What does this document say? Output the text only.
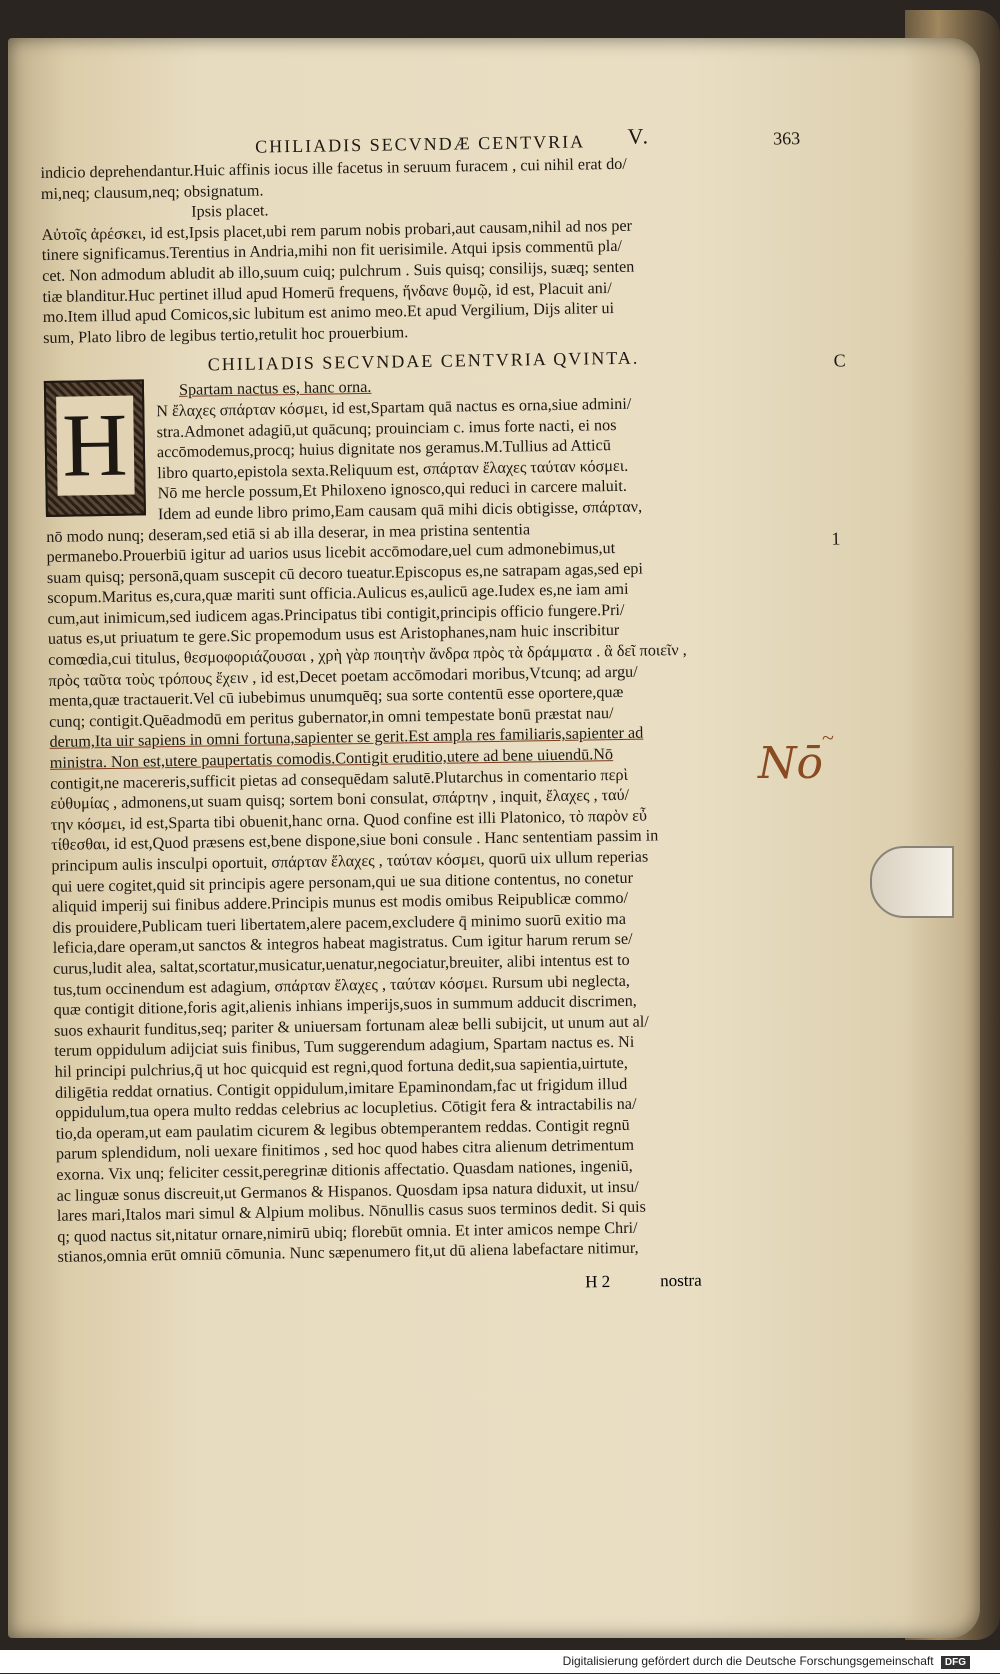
CHILIADIS SECVNDÆ CENTVRIA V.	363
indicio deprehendantur.Huic affinis iocus ille facetus in seruum furacem , cui nihil erat do/
mi,neq; clausum,neq; obsignatum.
Ipsis placet.
Αὐτοῖς ἀρέσκει, id est,Ipsis placet,ubi rem parum nobis probari,aut causam,nihil ad nos per
tinere significamus.Terentius in Andria,mihi non fit uerisimile. Atqui ipsis commentū pla/
cet. Non admodum abludit ab illo,suum cuiq; pulchrum . Suis quisq; consilijs, suæq; senten
tiæ blanditur.Huc pertinet illud apud Homerū frequens, ἥνδανε θυμῷ, id est, Placuit ani/
mo.Item illud apud Comicos,sic lubitum est animo meo.Et apud Vergilium, Dijs aliter ui
sum, Plato libro de legibus tertio,retulit hoc prouerbium.
CHILIADIS SECVNDAE CENTVRIA QVINTA.
Spartam nactus es, hanc orna.
H	N ἔλαχες σπάρταν κόσμει, id est,Spartam quā nactus es orna,siue admini/
stra.Admonet adagiū,ut quācunq; prouinciam c. imus forte nacti, ei nos
accōmodemus,procq; huius dignitate nos geramus.M.Tullius ad Atticū
libro quarto,epistola sexta.Reliquum est, σπάρταν ἔλαχες ταύταν κόσμει.
Nō me hercle possum,Et Philoxeno ignosco,qui reduci in carcere maluit.
Idem ad eunde libro primo,Eam causam quā mihi dicis obtigisse, σπάρταν,
nō modo nunq; deseram,sed etiā si ab illa deserar, in mea pristina sententia
permanebo.Prouerbiū igitur ad uarios usus licebit accōmodare,uel cum admonebimus,ut
suam quisq; personā,quam suscepit cū decoro tueatur.Episcopus es,ne satrapam agas,sed epi
scopum.Maritus es,cura,quæ mariti sunt officia.Aulicus es,aulicū age.Iudex es,ne iam ami
cum,aut inimicum,sed iudicem agas.Principatus tibi contigit,principis officio fungere.Pri/
uatus es,ut priuatum te gere.Sic propemodum usus est Aristophanes,nam huic inscribitur
comœdia,cui titulus, θεσμοφοριάζουσαι , χρὴ γὰρ ποιητὴν ἄνδρα πρὸς τὰ δράμματα . ἃ δεῖ ποιεῖν ,
πρὸς ταῦτα τοὺς τρόπους ἔχειν , id est,Decet poetam accōmodari moribus,Vtcunq; ad argu/
menta,quæ tractauerit.Vel cū iubebimus unumquēq; sua sorte contentū esse oportere,quæ
cunq; contigit.Quēadmodū em peritus gubernator,in omni tempestate bonū præstat nau/
derum,Ita uir sapiens in omni fortuna,sapienter se gerit.Est ampla res familiaris,sapienter ad
ministra. Non est,utere paupertatis comodis.Contigit eruditio,utere ad bene uiuendū.Nō
contigit,ne macereris,sufficit pietas ad consequēdam salutē.Plutarchus in comentario περὶ
εὐθυμίας , admonens,ut suam quisq; sortem boni consulat, σπάρτην , inquit, ἔλαχες , ταύ/
την κόσμει, id est,Sparta tibi obuenit,hanc orna. Quod confine est illi Platonico, τὸ παρὸν εὖ
τίθεσθαι, id est,Quod præsens est,bene dispone,siue boni consule . Hanc sententiam passim in
principum aulis insculpi oportuit, σπάρταν ἔλαχες , ταύταν κόσμει, quorū uix ullum reperias
qui uere cogitet,quid sit principis agere personam,qui ue sua ditione contentus, no conetur
aliquid imperij sui finibus addere.Principis munus est modis omibus Reipublicæ commo/
dis prouidere,Publicam tueri libertatem,alere pacem,excludere q̄ minimo suorū exitio ma
leficia,dare operam,ut sanctos & integros habeat magistratus. Cum igitur harum rerum se/
curus,ludit alea, saltat,scortatur,musicatur,uenatur,negociatur,breuiter, alibi intentus est to
tus,tum occinendum est adagium, σπάρταν ἔλαχες , ταύταν κόσμει. Rursum ubi neglecta,
quæ contigit ditione,foris agit,alienis inhians imperijs,suos in summum adducit discrimen,
suos exhaurit funditus,seq; pariter & uniuersam fortunam aleæ belli subijcit, ut unum aut al/
terum oppidulum adijciat suis finibus, Tum suggerendum adagium, Spartam nactus es. Ni
hil principi pulchrius,q̄ ut hoc quicquid est regni,quod fortuna dedit,sua sapientia,uirtute,
diligētia reddat ornatius. Contigit oppidulum,imitare Epaminondam,fac ut frigidum illud
oppidulum,tua opera multo reddas celebrius ac locupletius. Cōtigit fera & intractabilis na/
tio,da operam,ut eam paulatim cicurem & legibus obtemperantem reddas. Contigit regnū
parum splendidum, noli uexare finitimos , sed hoc quod habes citra alienum detrimentum
exorna. Vix unq; feliciter cessit,peregrinæ ditionis affectatio. Quasdam nationes, ingeniū,
ac linguæ sonus discreuit,ut Germanos & Hispanos. Quosdam ipsa natura diduxit, ut insu/
lares mari,Italos mari simul & Alpium molibus. Nōnullis casus suos terminos dedit. Si quis
q; quod nactus sit,nitatur ornare,nimirū ubiq; florebūt omnia. Et inter amicos nempe Chri/
stianos,omnia erūt omniū cōmunia. Nunc sæpenumero fit,ut dū aliena labefactare nitimur,
C
1
Nō
~
H 2	nostra
Digitalisierung gefördert durch die Deutsche Forschungsgemeinschaft DFG
